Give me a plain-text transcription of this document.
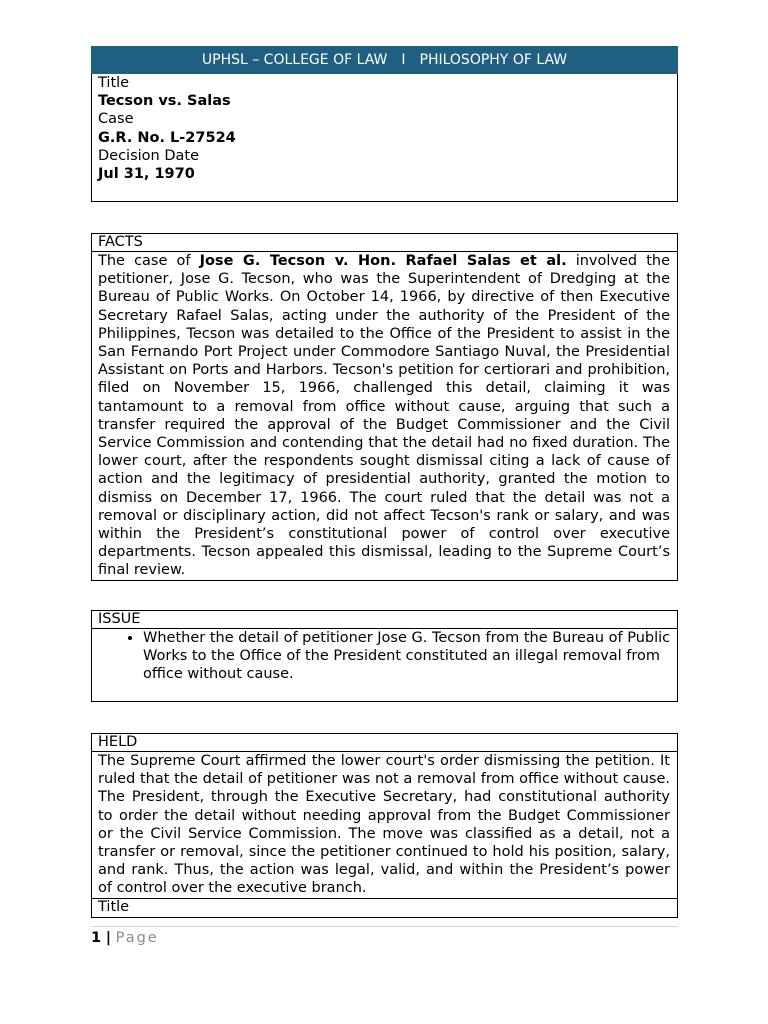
UPHSL – COLLEGE OF LAW I PHILOSOPHY OF LAW
Title
Tecson vs. Salas
Case
G.R. No. L-27524
Decision Date
Jul 31, 1970
FACTS
The case of Jose G. Tecson v. Hon. Rafael Salas et al. involved the petitioner, Jose G. Tecson, who was the Superintendent of Dredging at the Bureau of Public Works. On October 14, 1966, by directive of then Executive Secretary Rafael Salas, acting under the authority of the President of the Philippines, Tecson was detailed to the Office of the President to assist in the San Fernando Port Project under Commodore Santiago Nuval, the Presidential Assistant on Ports and Harbors. Tecson's petition for certiorari and prohibition, filed on November 15, 1966, challenged this detail, claiming it was tantamount to a removal from office without cause, arguing that such a transfer required the approval of the Budget Commissioner and the Civil Service Commission and contending that the detail had no fixed duration. The lower court, after the respondents sought dismissal citing a lack of cause of action and the legitimacy of presidential authority, granted the motion to dismiss on December 17, 1966. The court ruled that the detail was not a removal or disciplinary action, did not affect Tecson's rank or salary, and was within the President’s constitutional power of control over executive departments. Tecson appealed this dismissal, leading to the Supreme Court’s final review.
ISSUE
• Whether the detail of petitioner Jose G. Tecson from the Bureau of Public Works to the Office of the President constituted an illegal removal from office without cause.
HELD
The Supreme Court affirmed the lower court's order dismissing the petition. It ruled that the detail of petitioner was not a removal from office without cause. The President, through the Executive Secretary, had constitutional authority to order the detail without needing approval from the Budget Commissioner or the Civil Service Commission. The move was classified as a detail, not a transfer or removal, since the petitioner continued to hold his position, salary, and rank. Thus, the action was legal, valid, and within the President’s power of control over the executive branch.
Title
1 | Page
